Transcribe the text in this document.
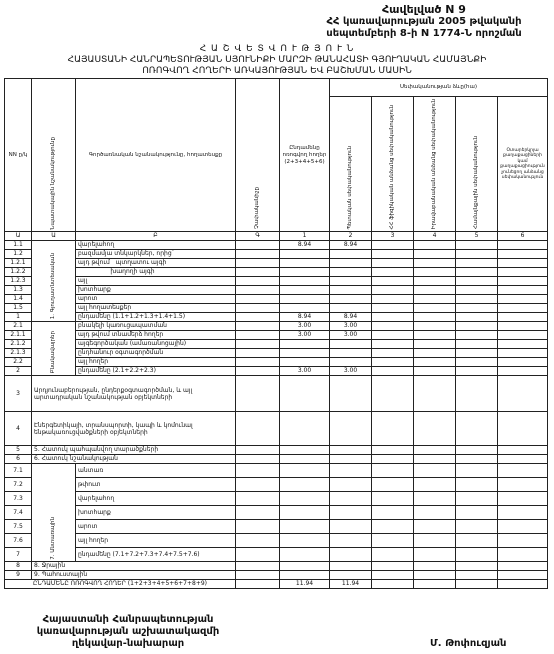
Հավելված N 9
ՀՀ կառավարության 2005 թվականի
սեպտեմբերի 8-ի N 1774-Ն որոշման
Հ Ա Շ Վ Ե Տ Վ Ո Ւ Թ Յ Ո Ւ Ն
ՀԱՅԱՍՏԱՆԻ ՀԱՆՐԱՊԵՏՈՒԹՅԱՆ ՍՅՈՒՆԻՔԻ ՄԱՐԶԻ ԹԱՆԱՀԱՏԻ ԳՅՈՒՂԱԿԱՆ ՀԱՄԱՅՆՔԻ
ՈՌՈԳՎՈՂ ՀՈՂԵՐԻ ԱՌԿԱՅՈՒԹՅԱՆ ԵՎ ԲԱՇԽՄԱՆ ՄԱՍԻՆ
NN ը/կ	Նպատակային նշանակությունը	Գործառնական նշանակությունը, հողատեսքը	Չափականիշը	Ընդամենը ոռոգվող հողեր (2+3+4+5+6)	Սեփականության ձևը(հա)				

					Պետական սեփականություն	ՀՀ ֆիզիկական անձանց սեփականություն	Իրավաբանական անձանց սեփականություն	Համայնքային սեփականություն	Օտարերկրյա քաղաքացիների կամ քաղաքացիություն չունեցող անձանց սեփականություն
Ա	Ա	Բ	Գ	1	2	3	4	5	6
1.1	1. Գյուղատնտեսական	վարելահող		8.94	8.94				
1.2		բազմամյա տնկարկներ, որից`							
1.2.1		այդ թվում   պտղատու այգի							
1.2.2		խաղողի այգի							
1.2.3		այլ							
1.3		խոտհարք							
1.4		արոտ							
1.5		այլ հողատեսքեր							
1		ընդամենը (1.1+1.2+1.3+1.4+1.5)		8.94	8.94				
2.1	Բնակավայրեր	բնակելի կառուցապատման		3.00	3.00				
2.1.1		այդ թվում տնամերձ հողեր		3.00	3.00				
2.1.2		այգեգործական (ամառանոցային)							
2.1.3		ընդհանուր օգտագործման							
2.2		այլ հողեր							
2		ընդամենը (2.1+2.2+2.3)		3.00	3.00				
3	Արդյունաբերության, ընդերքօգտագործման, և այլ արտադրական նշանակության օբյեկտների								
4	Էներգետիկայի, տրանսպորտի, կապի և կոմունալ ենթակառուցվածքների օբյեկտների								
5	5. Հատուկ պահպանվող տարածքների								
6	6. Հատուկ նշանակության								
7.1	7. Անտառային	անտառ							
7.2		թփուտ							
7.3		վարելահող							
7.4		խոտհարք							
7.5		արոտ							
7.6		այլ հողեր							
7		ընդամենը (7.1+7.2+7.3+7.4+7.5+7.6)							
8	8. Ջրային								
9	9. Պահուստային								
ԸՆԴԱՄԵՆԸ ՈՌՈԳՎՈՂ ՀՈՂԵՐ (1+2+3+4+5+6+7+8+9)				11.94	11.94				
Հայաստանի Հանրապետության
կառավարության աշխատակազմի
ղեկավար-նախարար	Մ. Թոփուզյան
